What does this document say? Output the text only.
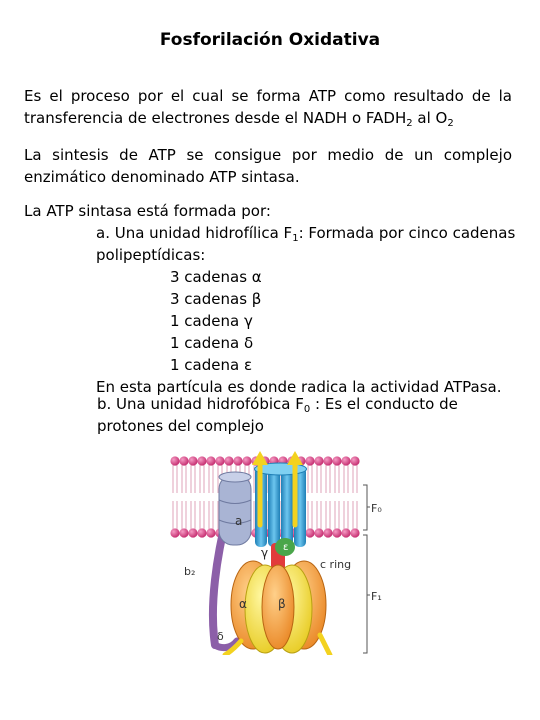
Fosforilación Oxidativa
Es el proceso por el cual se forma ATP como resultado de la
transferencia de electrones desde el NADH o $FADH_2$ al $O_2$
La sintesis de ATP se consigue por medio de un complejo
enzimático denominado ATP sintasa.
La ATP sintasa está formada por:
a. Una unidad hidrofílica $F_1$: Formada por cinco cadenas
polipeptídicas:
3 cadenas α
3 cadenas β
1 cadena γ
1 cadena δ
1 cadena ε
En esta partícula es donde radica la actividad ATPasa.
b. Una unidad hidrofóbica $F_0$ : Es el conducto de
protones del complejo
a
b₂
γ ε
c ring
α	β
δ
F₀
F₁
